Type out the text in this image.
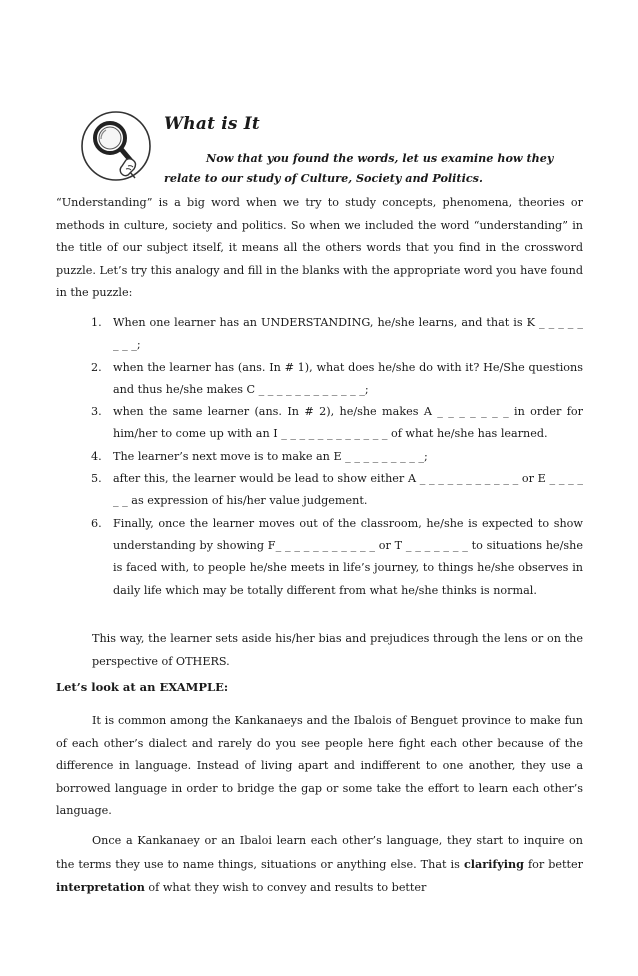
What is It
Now that you found the words, let us examine how they
relate to our study of Culture, Society and Politics.
“Understanding” is a big word when we try to study concepts, phenomena, theories or methods in culture, society and politics. So when we included the word “understanding” in the title of our subject itself, it means all the others words that you find in the crossword puzzle. Let’s try this analogy and fill in the blanks with the appropriate word you have found in the puzzle:
1. When one learner has an UNDERSTANDING, he/she learns, and that is K _ _ _ _ _ _ _ _;
2. when the learner has (ans. In # 1), what does he/she do with it? He/She questions and thus he/she makes C _ _ _ _ _ _ _ _ _ _ _ _;
3. when the same learner (ans. In # 2), he/she makes A _ _ _ _ _ _ _ in order for him/her to come up with an I _ _ _ _ _ _ _ _ _ _ _ _ of what he/she has learned.
4. The learner’s next move is to make an E _ _ _ _ _ _ _ _ _;
5. after this, the learner would be lead to show either A _ _ _ _ _ _ _ _ _ _ _ or E _ _ _ _ _ _ as expression of his/her value judgement.
6. Finally, once the learner moves out of the classroom, he/she is expected to show understanding by showing F_ _ _ _ _ _ _ _ _ _ _ or T _ _ _ _ _ _ _ to situations he/she is faced with, to people he/she meets in life’s journey, to things he/she observes in daily life which may be totally different from what he/she thinks is normal.
This way, the learner sets aside his/her bias and prejudices through the lens or on the perspective of OTHERS.
Let’s look at an EXAMPLE:
It is common among the Kankanaeys and the Ibalois of Benguet province to make fun of each other’s dialect and rarely do you see people here fight each other because of the difference in language. Instead of living apart and indifferent to one another, they use a borrowed language in order to bridge the gap or some take the effort to learn each other’s language.
Once a Kankanaey or an Ibaloi learn each other’s language, they start to inquire on the terms they use to name things, situations or anything else. That is clarifying for better interpretation of what they wish to convey and results to better
